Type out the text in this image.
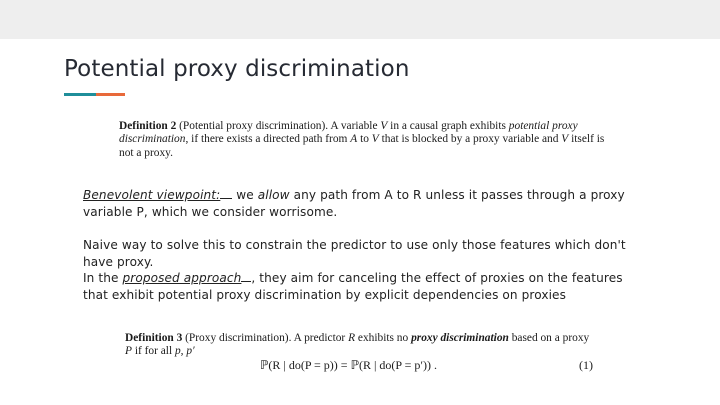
Potential proxy discrimination
Definition 2 (Potential proxy discrimination). A variable V in a causal graph exhibits potential proxy discrimination, if there exists a directed path from A to V that is blocked by a proxy variable and V itself is not a proxy.
Benevolent viewpoint: we allow any path from A to R unless it passes through a proxy variable P, which we consider worrisome.
Naive way to solve this to constrain the predictor to use only those features which don't have proxy.
In the proposed approach , they aim for canceling the effect of proxies on the features that exhibit potential proxy discrimination by explicit dependencies on proxies
Definition 3 (Proxy discrimination). A predictor R exhibits no proxy discrimination based on a proxy P if for all p, p′
ℙ(R | do(P = p)) = ℙ(R | do(P = p′)) .	(1)
